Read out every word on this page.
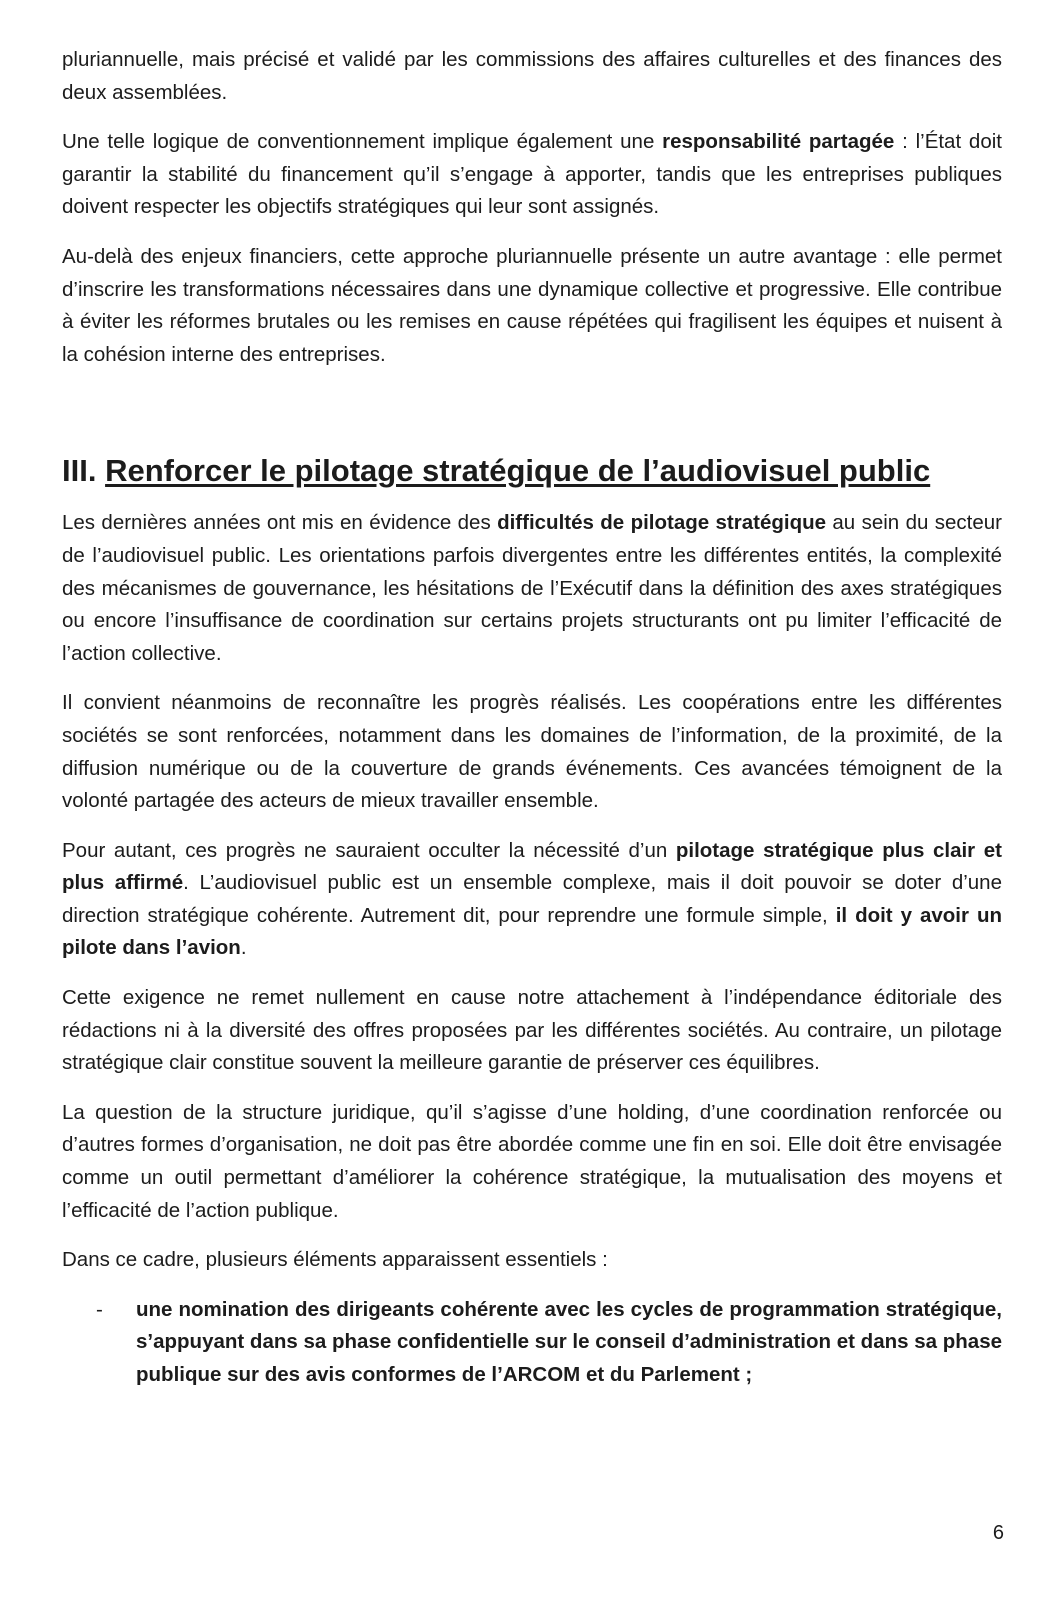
pluriannuelle, mais précisé et validé par les commissions des affaires culturelles et des finances des deux assemblées.

Une telle logique de conventionnement implique également une responsabilité partagée : l’État doit garantir la stabilité du financement qu’il s’engage à apporter, tandis que les entreprises publiques doivent respecter les objectifs stratégiques qui leur sont assignés.

Au-delà des enjeux financiers, cette approche pluriannuelle présente un autre avantage : elle permet d’inscrire les transformations nécessaires dans une dynamique collective et progressive. Elle contribue à éviter les réformes brutales ou les remises en cause répétées qui fragilisent les équipes et nuisent à la cohésion interne des entreprises.

III. Renforcer le pilotage stratégique de l’audiovisuel public

Les dernières années ont mis en évidence des difficultés de pilotage stratégique au sein du secteur de l’audiovisuel public. Les orientations parfois divergentes entre les différentes entités, la complexité des mécanismes de gouvernance, les hésitations de l’Exécutif dans la définition des axes stratégiques ou encore l’insuffisance de coordination sur certains projets structurants ont pu limiter l’efficacité de l’action collective.

Il convient néanmoins de reconnaître les progrès réalisés. Les coopérations entre les différentes sociétés se sont renforcées, notamment dans les domaines de l’information, de la proximité, de la diffusion numérique ou de la couverture de grands événements. Ces avancées témoignent de la volonté partagée des acteurs de mieux travailler ensemble.

Pour autant, ces progrès ne sauraient occulter la nécessité d’un pilotage stratégique plus clair et plus affirmé. L’audiovisuel public est un ensemble complexe, mais il doit pouvoir se doter d’une direction stratégique cohérente. Autrement dit, pour reprendre une formule simple, il doit y avoir un pilote dans l’avion.

Cette exigence ne remet nullement en cause notre attachement à l’indépendance éditoriale des rédactions ni à la diversité des offres proposées par les différentes sociétés. Au contraire, un pilotage stratégique clair constitue souvent la meilleure garantie de préserver ces équilibres.

La question de la structure juridique, qu’il s’agisse d’une holding, d’une coordination renforcée ou d’autres formes d’organisation, ne doit pas être abordée comme une fin en soi. Elle doit être envisagée comme un outil permettant d’améliorer la cohérence stratégique, la mutualisation des moyens et l’efficacité de l’action publique.

Dans ce cadre, plusieurs éléments apparaissent essentiels :

- une nomination des dirigeants cohérente avec les cycles de programmation stratégique, s’appuyant dans sa phase confidentielle sur le conseil d’administration et dans sa phase publique sur des avis conformes de l’ARCOM et du Parlement ;
6
